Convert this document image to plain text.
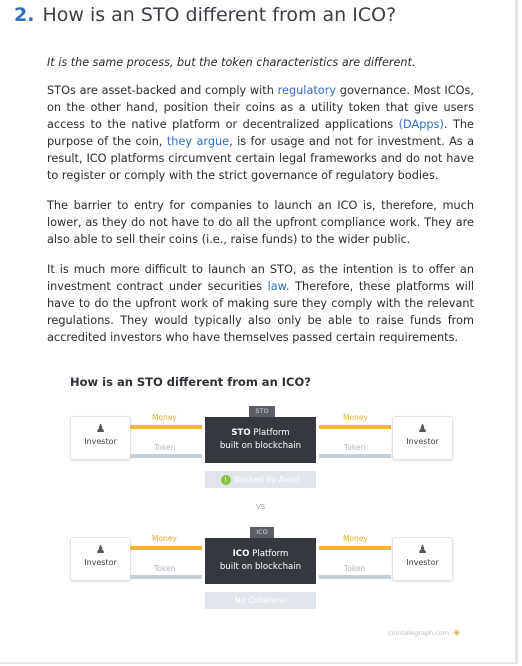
2. How is an STO different from an ICO?
It is the same process, but the token characteristics are different.
STOs are asset-backed and comply with regulatory governance. Most ICOs, on the other hand, position their coins as a utility token that give users access to the native platform or decentralized applications (DApps). The purpose of the coin, they argue, is for usage and not for investment. As a result, ICO platforms circumvent certain legal frameworks and do not have to register or comply with the strict governance of regulatory bodies.
The barrier to entry for companies to launch an ICO is, therefore, much lower, as they do not have to do all the upfront compliance work. They are also able to sell their coins (i.e., raise funds) to the wider public.
It is much more difficult to launch an STO, as the intention is to offer an investment contract under securities law. Therefore, these platforms will have to do the upfront work of making sure they comply with the relevant regulations. They would typically also only be able to raise funds from accredited investors who have themselves passed certain requirements.
How is an STO different from an ICO?
♟
Investor
Money
Token
STO
STO Platform
built on blockchain
! Backed by Asset
Money
Token
♟
Investor
VS
♟
Investor
Money
Token
ICO
ICO Platform
built on blockchain
No Collateral
Money
Token
♟
Investor
cointelegraph.com ◈
